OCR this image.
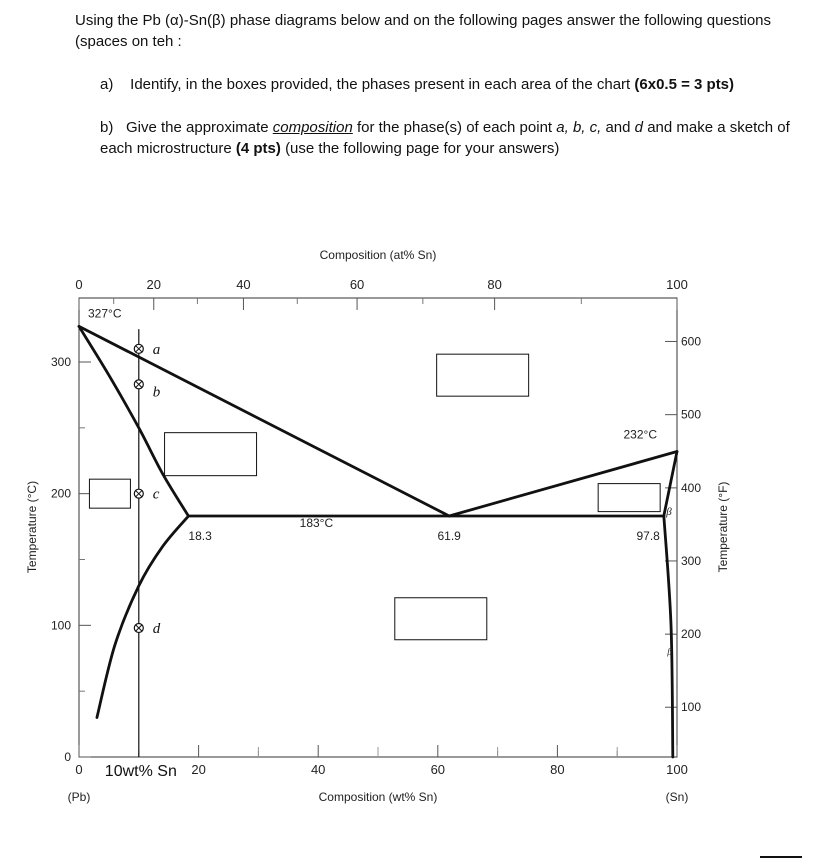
Using the Pb (α)-Sn(β) phase diagrams below and on the following pages answer the following questions (spaces on teh :
a) Identify, in the boxes provided, the phases present in each area of the chart (6x0.5 = 3 pts)
b) Give the approximate composition for the phase(s) of each point a, b, c, and d and make a sketch of each microstructure (4 pts) (use the following page for your answers)
0	20	40	60	80	100
10wt% Sn
Composition (wt% Sn)
(Pb)	(Sn)
0	20	40	60	80	100
Composition (at% Sn)
0
100
200
300
Temperature (°C)
100
200
300
400
500
600
Temperature (°F)
a
b
c
d
327°C
232°C
183°C
18.3	61.9	97.8
β
β
